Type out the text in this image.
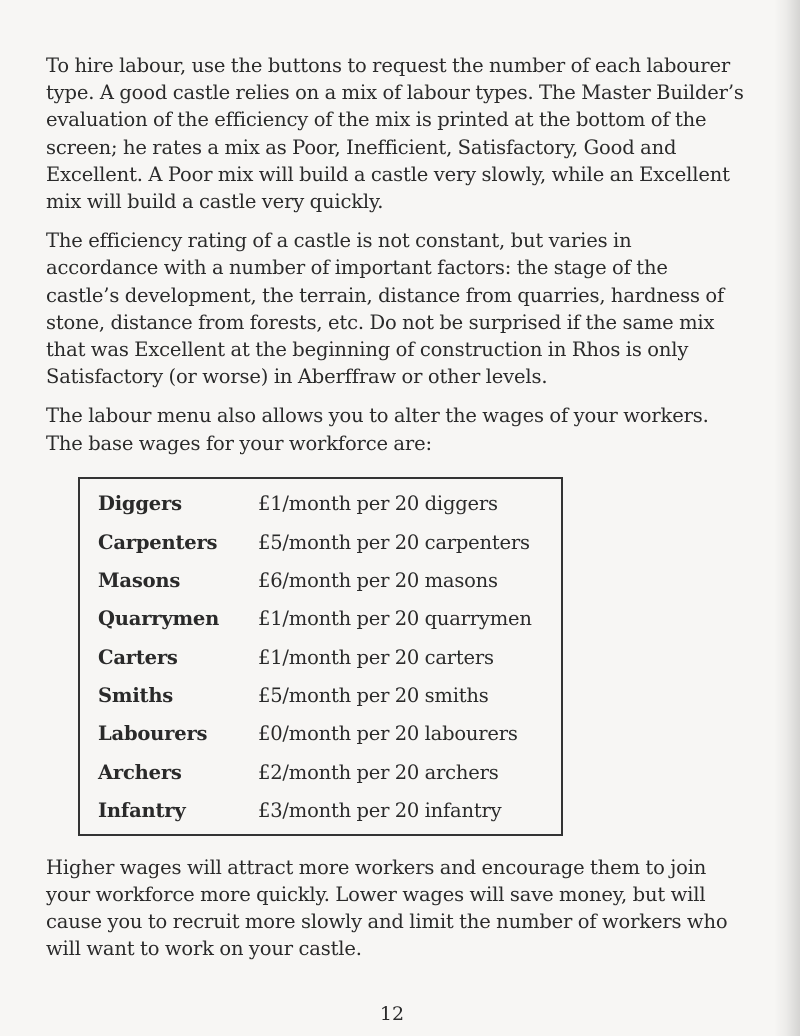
To hire labour, use the buttons to request the number of each labourer type. A good castle relies on a mix of labour types. The Master Builder’s evaluation of the efficiency of the mix is printed at the bottom of the screen; he rates a mix as Poor, Inefficient, Satisfactory, Good and Excellent. A Poor mix will build a castle very slowly, while an Excellent mix will build a castle very quickly.

The efficiency rating of a castle is not constant, but varies in accordance with a number of important factors: the stage of the castle’s development, the terrain, distance from quarries, hardness of stone, distance from forests, etc. Do not be surprised if the same mix that was Excellent at the beginning of construction in Rhos is only Satisfactory (or worse) in Aberffraw or other levels.

The labour menu also allows you to alter the wages of your workers. The base wages for your workforce are:

Diggers	£1/month per 20 diggers
Carpenters	£5/month per 20 carpenters
Masons	£6/month per 20 masons
Quarrymen	£1/month per 20 quarrymen
Carters	£1/month per 20 carters
Smiths	£5/month per 20 smiths
Labourers	£0/month per 20 labourers
Archers	£2/month per 20 archers
Infantry	£3/month per 20 infantry

Higher wages will attract more workers and encourage them to join your workforce more quickly. Lower wages will save money, but will cause you to recruit more slowly and limit the number of workers who will want to work on your castle.

12
